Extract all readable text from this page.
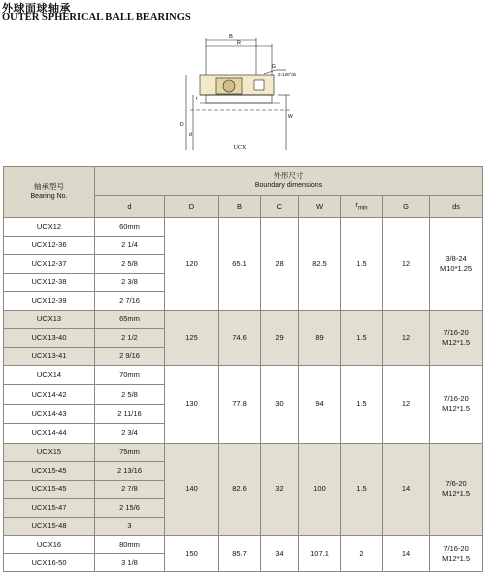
外球面球轴承
OUTER SPHERICAL BALL BEARINGS
B
R
G
2-120°ds
W
D
d
r
UCX
轴承型号
Bearing No.	外形尺寸
Boundary dimensions							

	d	D	B	C	W	$r_{min}$	G	ds
UCX12	60mm	120	65.1	28	82.5	1.5	12	3/8-24
M10*1.25

UCX12-36	2 1/4							
UCX12-37	2 5/8							
UCX12-38	2 3/8							
UCX12-39	2 7/16							
UCX13	65mm	125	74.6	29	89	1.5	12	7/16-20
M12*1.5

UCX13-40	2 1/2							
UCX13-41	2 9/16							
UCX14	70mm	130	77.8	30	94	1.5	12	7/16-20
M12*1.5

UCX14-42	2 5/8							
UCX14-43	2 11/16							
UCX14-44	2 3/4							
UCX15	75mm	140	82.6	32	100	1.5	14	7/6-20
M12*1.5

UCX15-45	2 13/16							
UCX15-45	2 7/8							
UCX15-47	2 15/6							
UCX15-48	3							
UCX16	80mm	150	85.7	34	107.1	2	14	7/16-20
M12*1.5

UCX16-50	3 1/8							
